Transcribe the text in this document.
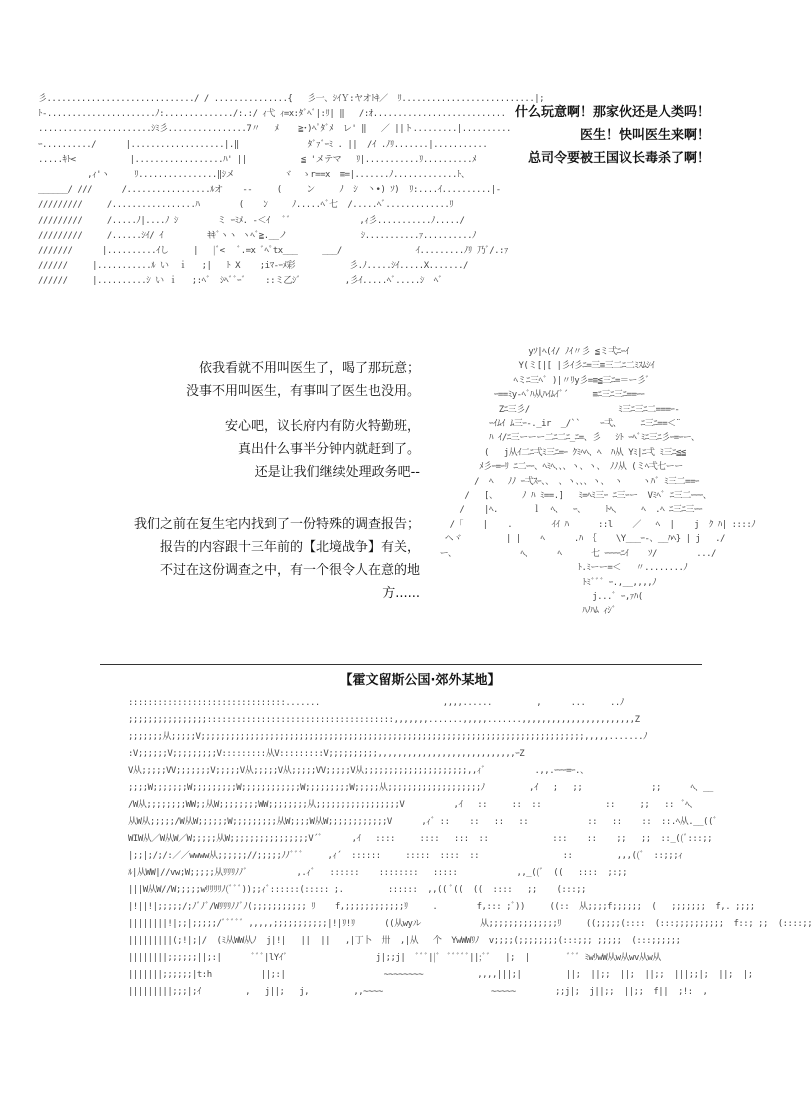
彡............................../ / ...............{   彡一、ｼｲＹ:ヤオﾄｷ／  ﾘ...........................|;
ﾄ-......................ﾉ:............../:.:/ ｨ弋 ｨ=x:ﾀﾞﾍﾞ|:ﾘ| ‖   /:ｵ...........................
.......................ｼﾐ彡................7〃   ﾒ    ≧･)ﾍﾟﾀﾞﾒ  レ' ‖   ／ ||ト.........|..........
ｰ........../      |...................|.‖              ﾀﾞｧﾞｰﾐ . ||  /ｲ .ﾉﾘ.......|...........
.....ｷﾄ<           |..................ﾊ' ||           ≦ 'メテマ   ﾘ|...........ﾘ..........ﾒ
,ｨ'ヽ     ﾘ................‖ｼメ          ヾ  ゝr==x  ≡=|.......ﾉ.............ﾄ、
______/ ///      /.................ﾙオ    ‐‐     (     ン     ﾉ  ｼ  丶•) ｿ)  ﾘ:....ｲ..........|‐
/////////     /.................ﾊ        (    ﾝ     ﾉ.....ﾍﾞ七  /.....ﾍﾞ.............ﾘ
/////////     /.....ﾉ|....ﾉ ｼ        ミ ｰﾐﾒ. ‐＜ｲ   ﾞﾞ              ,ｨ彡...........ﾉ...../
/////////     /......ｼｲ/ ｲ         ｷｷﾞヽヽ ヽﾍﾞ≧.__ノ               ｼ...........ｧ..........ﾉ
///////      |..........ｲし     |   |ﾞ<   ﾞ.=x ﾞﾍﾟtx___     ___/               ｲ.........ﾉﾘ 乃ﾞ/.:ｧ
//////     |...........ﾙ い  ｉ   ;|   ﾄ X    ;iﾏ-ｰﾒ彩           彡.ﾉ.....ｼｲ.....X......./
//////     |..........ｼ い ｉ   ;:ﾍﾞ  ｼﾍﾞﾞｰﾞ    ::ミ乙ｼﾞ         ,彡ｲ.....ﾍﾞ.....ｼ  ﾍﾞ
什么玩意啊！那家伙还是人类吗！
医生！快叫医生来啊！
总司令要被王国议长毒杀了啊！
依我看就不用叫医生了，喝了那玩意；
没事不用叫医生，有事叫了医生也没用。
安心吧，议长府内有防火特勤班，
真出什么事半分钟内就赶到了。
还是让我们继续处理政务吧--
yｿ|ﾍ(ｲ/ ﾉｲ〃彡 ≦ミ弌ﾆｰｲ
Y(ミ[|[ |彡ｲ彡ﾆ=三≡三二ﾆ二ﾐｽﾑｼｲ
ﾍミﾆ三ﾍﾞ )|〃ﾘy彡=≡≦三ﾆ=＝ー彡ﾞ
ｰ==ﾐy-ﾍﾞﾊ从ﾊｲﾑｲﾞ´     ≡ﾆ三ﾆ三ﾆ==ｰｰ
Zﾆ三彡/                  ﾐ三ﾆ三ﾆ二===ｰ-
ｰｲﾑｲ ﾑ三ｰ-._ir  _/``    ｰ弌、    ﾆ三ﾆ==＜¨
ﾊ ｲ/ﾆ三ーーー二ﾆ二ﾆ_ﾆ=、彡   ｼﾄ ｰﾍﾞﾐﾆ三ﾆ彡ｰ=ｰー、
(   j从ｲ二ﾆ弌ﾐ三ﾆ=ｰ ｸﾐﾍﾍ、ﾍ  ﾊ从 Yﾐ|ﾆ弌 ﾐ三ﾆ≦≦
ﾒ彡ｰ=ｰﾘ ﾆ二ｰｰ、ﾍﾐﾍ、、、ヽ、ヽ、 ﾉﾉ从 (ミﾍ弌七ーー
/  ﾍ   ﾉﾉ ｰ弌ｽｰ、、 、ヽ、、、ヽ、 ヽ    ヽﾊﾞ ﾐ三二==ｰ
/   [、     ﾉ ﾊ ﾐ==.]   ﾐ=ﾍﾐ三ｰ ﾆ三ｰー  Vﾐﾍﾞ ﾆ三二ｰｰｰ、
/    |ﾍ.       ｌ  ﾍ、  ｰ、    ﾄﾍ、    ﾍ  .ﾍ ﾆ三ﾆ三ｰｰ
/「    |    .        ｲｲ ﾊ      ::l    ／   ﾍ  |    j  ｸ ﾊ| ::::ﾉ
ヘヾ         | |    ﾍ      .ﾊ ｛    \Y___ｰ‐、__ﾊﾍ} | j   ./
ー、             ﾍ、     ﾍ      七 ｰｰｰｰﾆｲ    ｿ/        .../
ﾄ.ﾐーー=＜   〃........ﾉ
ﾄﾐﾞﾞﾞ ｰ.,__,,,,ﾉ
j...ﾞ ｰ,ｧﾊ(
ﾊﾉﾊﾑ ｨｼﾞ
我们之前在复生宅内找到了一份特殊的调查报告；
报告的内容跟十三年前的【北境战争】有关，
不过在这份调查之中，有一个很令人在意的地
方......
【霍文留斯公国·郊外某地】
::::::::::::::::::::::::::::::::.......                         ,,,,......         ,      ...     ..ﾉ
;;;;;;;;;;;;;;;;::::::::::::::::::::::::::::::::::::::,,,,,,,.......,,,,,.......,,,,,,,,,,,,,,,,,,,,,,,Z
;;;;;;;从;;;;;V;;;;;;;;;;;;;;;;;;;;;;;;;;;;;;;;;;;;;;;;;;;;;;;;;;;;;;;;;;;;;;;;;;;;;;;;;;;;;;,,,,,.......ﾉ
:V;;;;;;V;;;;;;;;;V:::::::::从V:::::::::V;;;;;;;;;;,,,,,,,,,,,,,,,,,,,,,,,,,,,,ｰZ
V从;;;;;VV;;;;;;;V;;;;;V从;;;;;V从;;;;;VV;;;;;V从;;;;;;;;;;;;;;;;;;;;;,,ｨﾞ          .,,.ｰｰｰ=ｰ.、
;;;;W;;;;;;;W;;;;;;;;;W;;;;;;;;;;;;W;;;;;;;;;W;;;;;从;;;;;;;;;;;;;;;;;;;ﾉ         ,ｲ   ;   ;;              ;;      ﾍ、__
/W从;;;;;;;;WW;;从W;;;;;;;;WW;;;;;;;;从;;;;;;;;;;;;;;;;;V          ,ｲ   ::     ::  ::             ::     ;;   ::  ﾞﾍ、
从W从;;;;;/W从W;;;;;;W;;;;;;;;;从W;;;;W从W;;;;;;;;;;;;V      ,ｨﾞ ::    ::   ::   ::            ::   ::    ::  ::.ﾍ从.__((ﾞ
WIW从／W从W／W;;;;;从W;;;;;;;;;;;;;;;;V´ﾞ      ,ｲ   ::::     ::::   :::  ::             :::    ::    ;;   ;;  ::_((ﾞ:::;;
|;;|;/;/:／／wwww从;;;;;;//;;;;;ﾉﾉﾞﾞﾞ     ,ｨ´  ::::::     :::::  ::::  ::                 ::         ,,,((ﾞ  ::;;;ｨ
ﾙ|从WW|//vw;W;;;;;从ﾘﾘﾘﾉﾉﾞ          ,.ｨﾞ   ::::::    ::::::::   :::::            ,,_((ﾞ  ((   ::::  ;:;;
|||W从W//W;;;;;wﾘﾘﾘﾘﾉ(ﾞﾞﾞ));;ｨﾞ::::::(::::: ;.         ::::::  ,,(( ﾞ((  ((  ::::   ;;    (:::;;
|!||!|;;;;;/;ﾉﾞﾉﾞ/Wﾘﾘﾘﾉﾉﾞﾉ(;;;;;;;;;;; ﾘ    f,;;;;;;;;;;;;ﾘ     .        f,::: ;ﾞ))     ((::  从;;;;f;;;;;;  (   ;;;;;;;  f,. ;;;;
||||||||!|;;|;;;;;/ﾞﾞﾞﾞﾞ ,,,,,;;;;;;;;;;;|!|ﾘ!ﾘ      ((从wyル            从;;;;;;;;;;;;;;ﾘ     ((;;;;;(::::  (:::;;;;;;;;;;  f::; ;;  (::::;;
|||||||||(;!|;|/  (ﾐ从WW从ﾉ  j|!|   ||  ||   ,|丁卜  卅  ,|从   个  YwWWﾘﾉ  v;;;;(;;;;;;;;(:::;;; ;;;;;  (:::;;;;;;
||||||||;;;;;;||;:|      ﾞﾞﾞ|lYｲﾞ                  j|;;j|  ﾞﾞﾞ||ﾞ  ﾞﾞﾞﾞﾞ||;ﾞﾞ   |;  |        ﾞﾞﾞ ﾐwﾘwW从w从wv从w从
|||||||;;;;;;|t:h          ||;:|                    ~~~~~~~~           ,,,,|||;|         ||;  ||;;  ||;  ||;;  |||;;|;  ||;  |;
|||||||||;;;|;ｲ         ,   j||;   j,         ,,~~~~                      ~~~~~        ;;j|;  j||;;  ||;;  f||  ;!:  ,
